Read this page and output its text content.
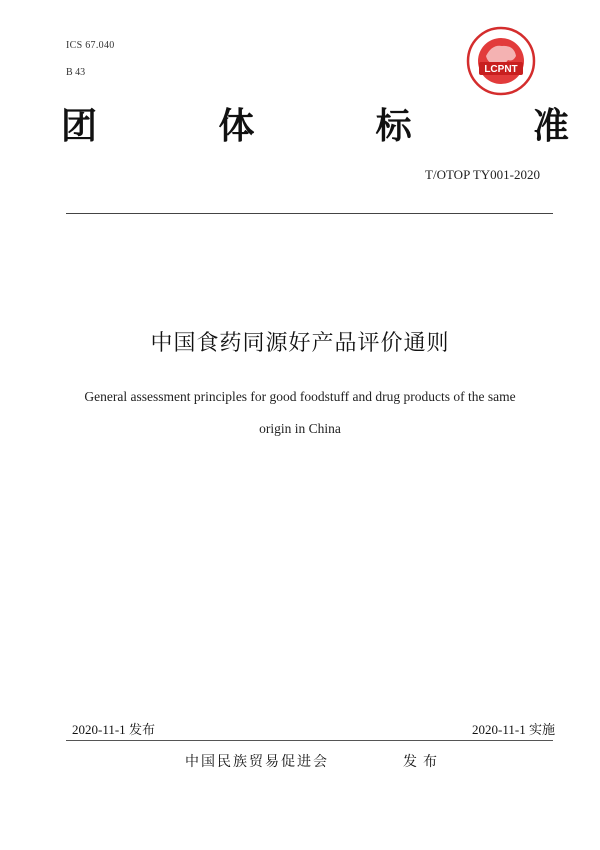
ICS 67.040
B 43	LCPNT
团	体	标	准
T/OTOP TY001-2020
中国食药同源好产品评价通则
General assessment principles for good foodstuff and drug products of the same
origin in China
2020-11-1 发布	2020-11-1 实施
中国民族贸易促进会	发布
